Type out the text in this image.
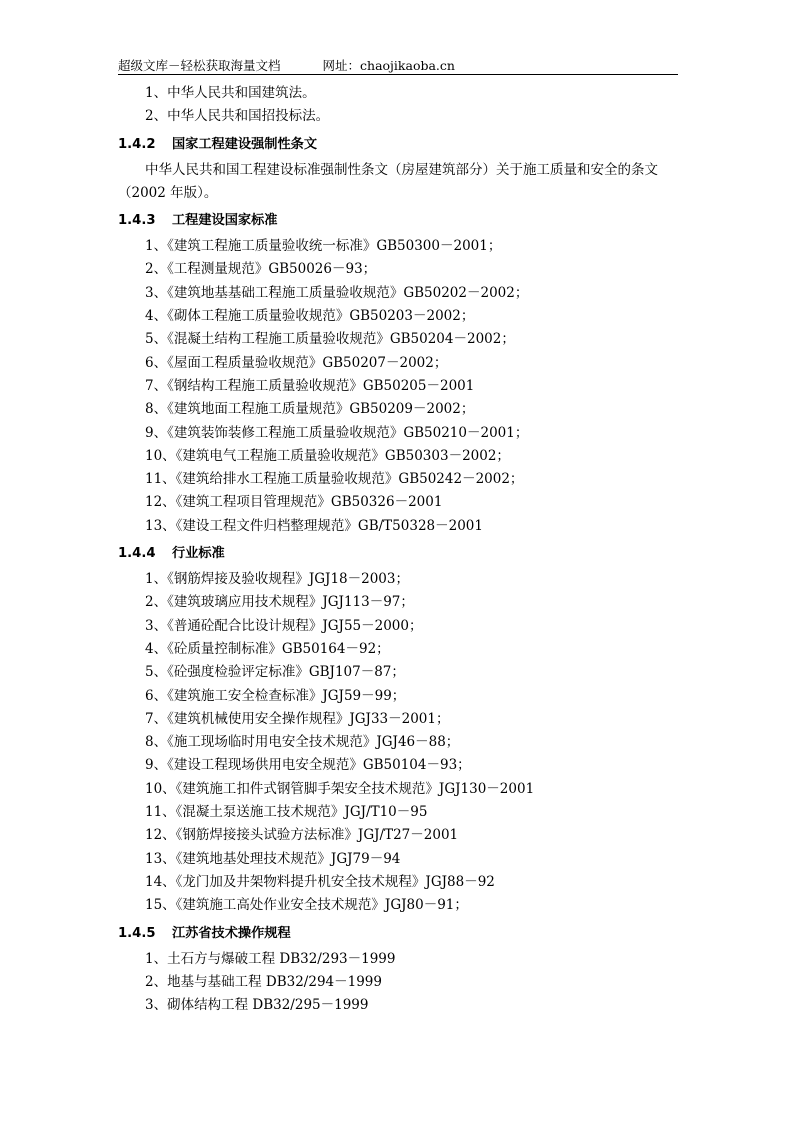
超级文库－轻松获取海量文档	网址：chaojikaoba.cn
1、中华人民共和国建筑法。
2、中华人民共和国招投标法。
1.4.2 国家工程建设强制性条文
中华人民共和国工程建设标准强制性条文（房屋建筑部分）关于施工质量和安全的条文（2002 年版）。
1.4.3 工程建设国家标准
1、《建筑工程施工质量验收统一标准》GB50300－2001；
2、《工程测量规范》GB50026－93；
3、《建筑地基基础工程施工质量验收规范》GB50202－2002；
4、《砌体工程施工质量验收规范》GB50203－2002；
5、《混凝土结构工程施工质量验收规范》GB50204－2002；
6、《屋面工程质量验收规范》GB50207－2002；
7、《钢结构工程施工质量验收规范》GB50205－2001
8、《建筑地面工程施工质量规范》GB50209－2002；
9、《建筑装饰装修工程施工质量验收规范》GB50210－2001；
10、《建筑电气工程施工质量验收规范》GB50303－2002；
11、《建筑给排水工程施工质量验收规范》GB50242－2002；
12、《建筑工程项目管理规范》GB50326－2001
13、《建设工程文件归档整理规范》GB/T50328－2001
1.4.4 行业标准
1、《钢筋焊接及验收规程》JGJ18－2003；
2、《建筑玻璃应用技术规程》JGJ113－97；
3、《普通砼配合比设计规程》JGJ55－2000；
4、《砼质量控制标准》GB50164－92；
5、《砼强度检验评定标准》GBJ107－87；
6、《建筑施工安全检查标准》JGJ59－99；
7、《建筑机械使用安全操作规程》JGJ33－2001；
8、《施工现场临时用电安全技术规范》JGJ46－88；
9、《建设工程现场供用电安全规范》GB50104－93；
10、《建筑施工扣件式钢管脚手架安全技术规范》JGJ130－2001
11、《混凝土泵送施工技术规范》JGJ/T10－95
12、《钢筋焊接接头试验方法标准》JGJ/T27－2001
13、《建筑地基处理技术规范》JGJ79－94
14、《龙门加及井架物料提升机安全技术规程》JGJ88－92
15、《建筑施工高处作业安全技术规范》JGJ80－91；
1.4.5 江苏省技术操作规程
1、土石方与爆破工程 DB32/293－1999
2、地基与基础工程 DB32/294－1999
3、砌体结构工程 DB32/295－1999
